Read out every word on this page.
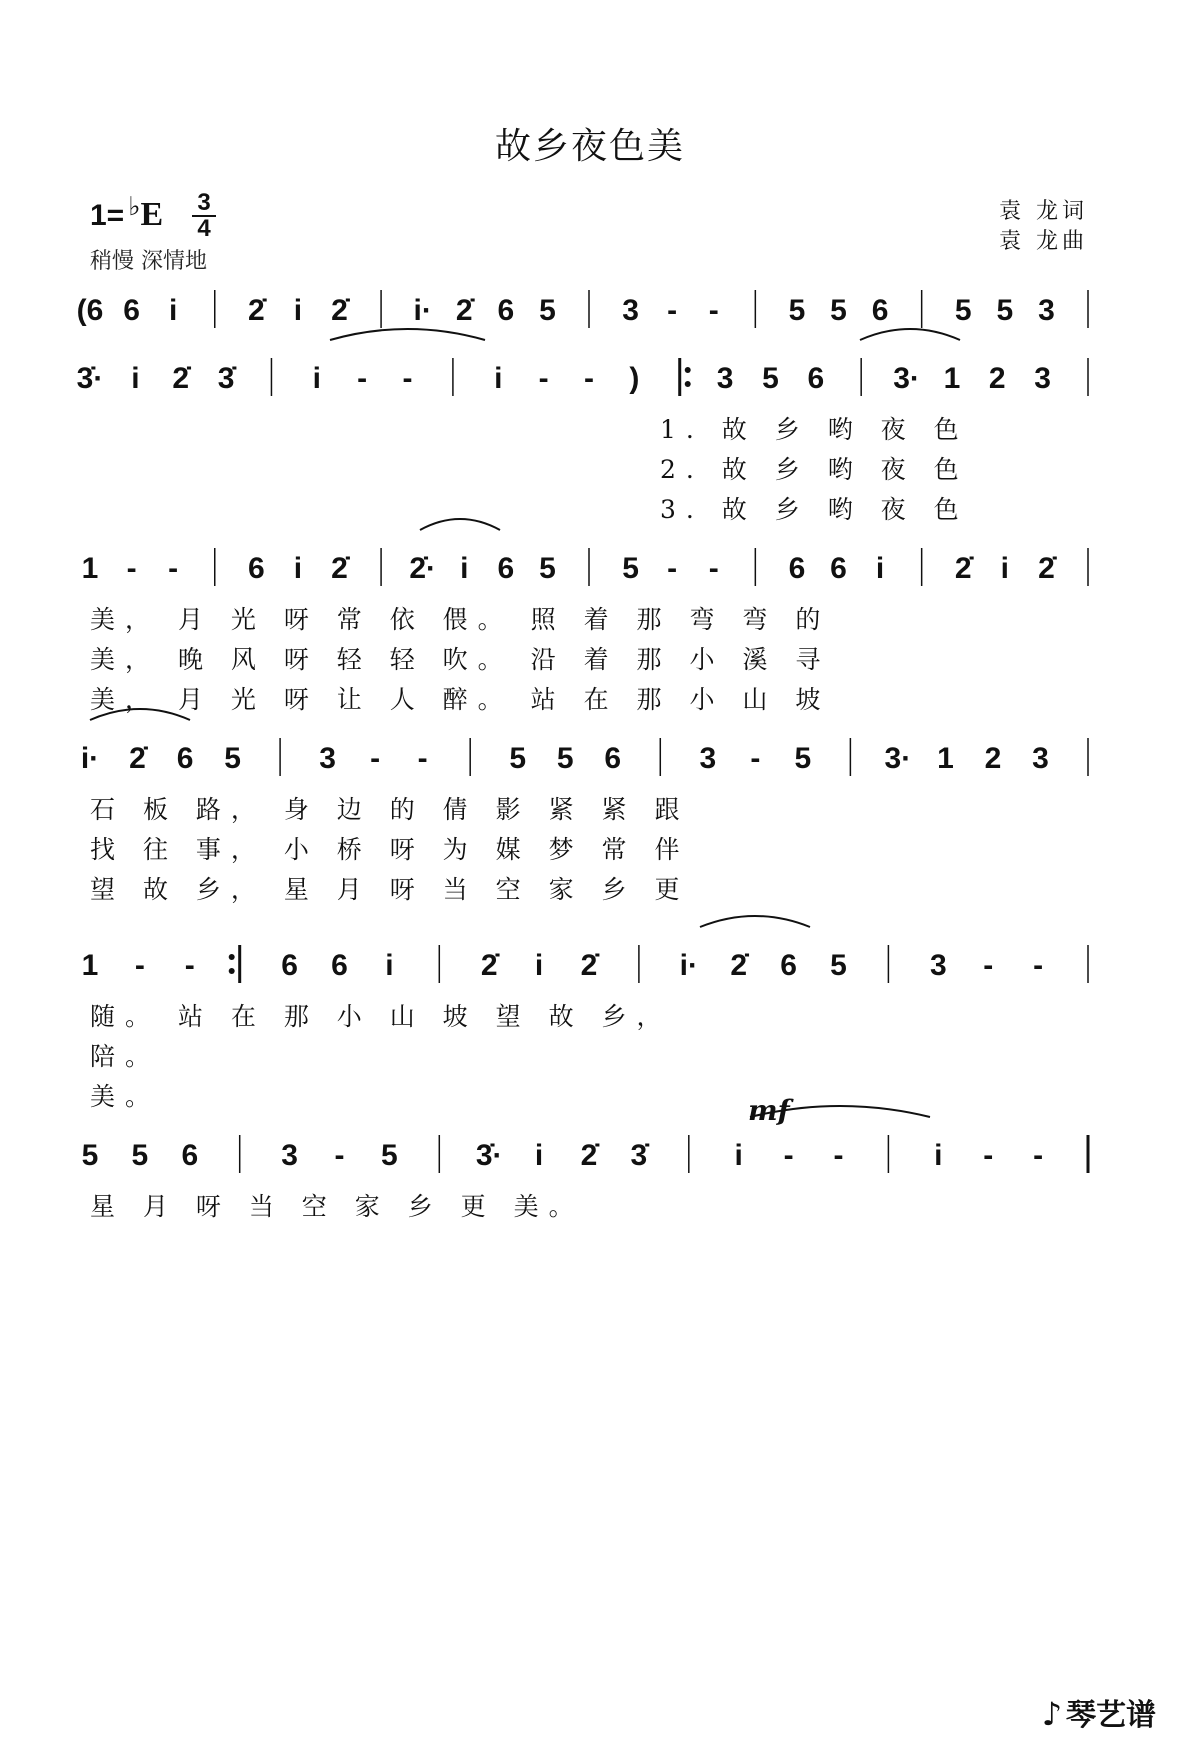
故乡夜色美
1= ♭E	3
4
稍慢 深情地
袁 龙词
袁 龙曲
(6 6 i 2̇ i 2̇ i· 2̇ 6 5 3 - - 5 5 6 5 5 3
3̇· i 2̇ 3̇	i - -	i - - )	3 5 6 3· 1 2 3
1. 故 乡 哟 夜 色
2. 故 乡 哟 夜 色
3. 故 乡 哟 夜 色
1 - - 6 i 2̇ 2̇· i 6 5 5 - - 6 6 i 2̇ i 2̇
美， 月 光 呀 常 依 偎。 照 着 那 弯 弯 的
美， 晚 风 呀 轻 轻 吹。 沿 着 那 小 溪 寻
美， 月 光 呀 让 人 醉。 站 在 那 小 山 坡
i· 2̇ 6 5	3 - -	5 5 6	3 - 5 3· 1 2 3
石 板 路， 身 边 的 倩 影 紧 紧 跟
找 往 事， 小 桥 呀 为 媒 梦 常 伴
望 故 乡， 星 月 呀 当 空 家 乡 更
1 - -	6 6 i	2̇ i 2̇	i· 2̇ 6 5	3 - -
随。 站 在 那 小 山 坡 望 故 乡，
陪。
美。
5 5 6	3 - 5	3̇· i 2̇ 3̇	i - -	i - -
星 月 呀 当 空 家 乡 更 美。
mf
♪ 琴艺谱
